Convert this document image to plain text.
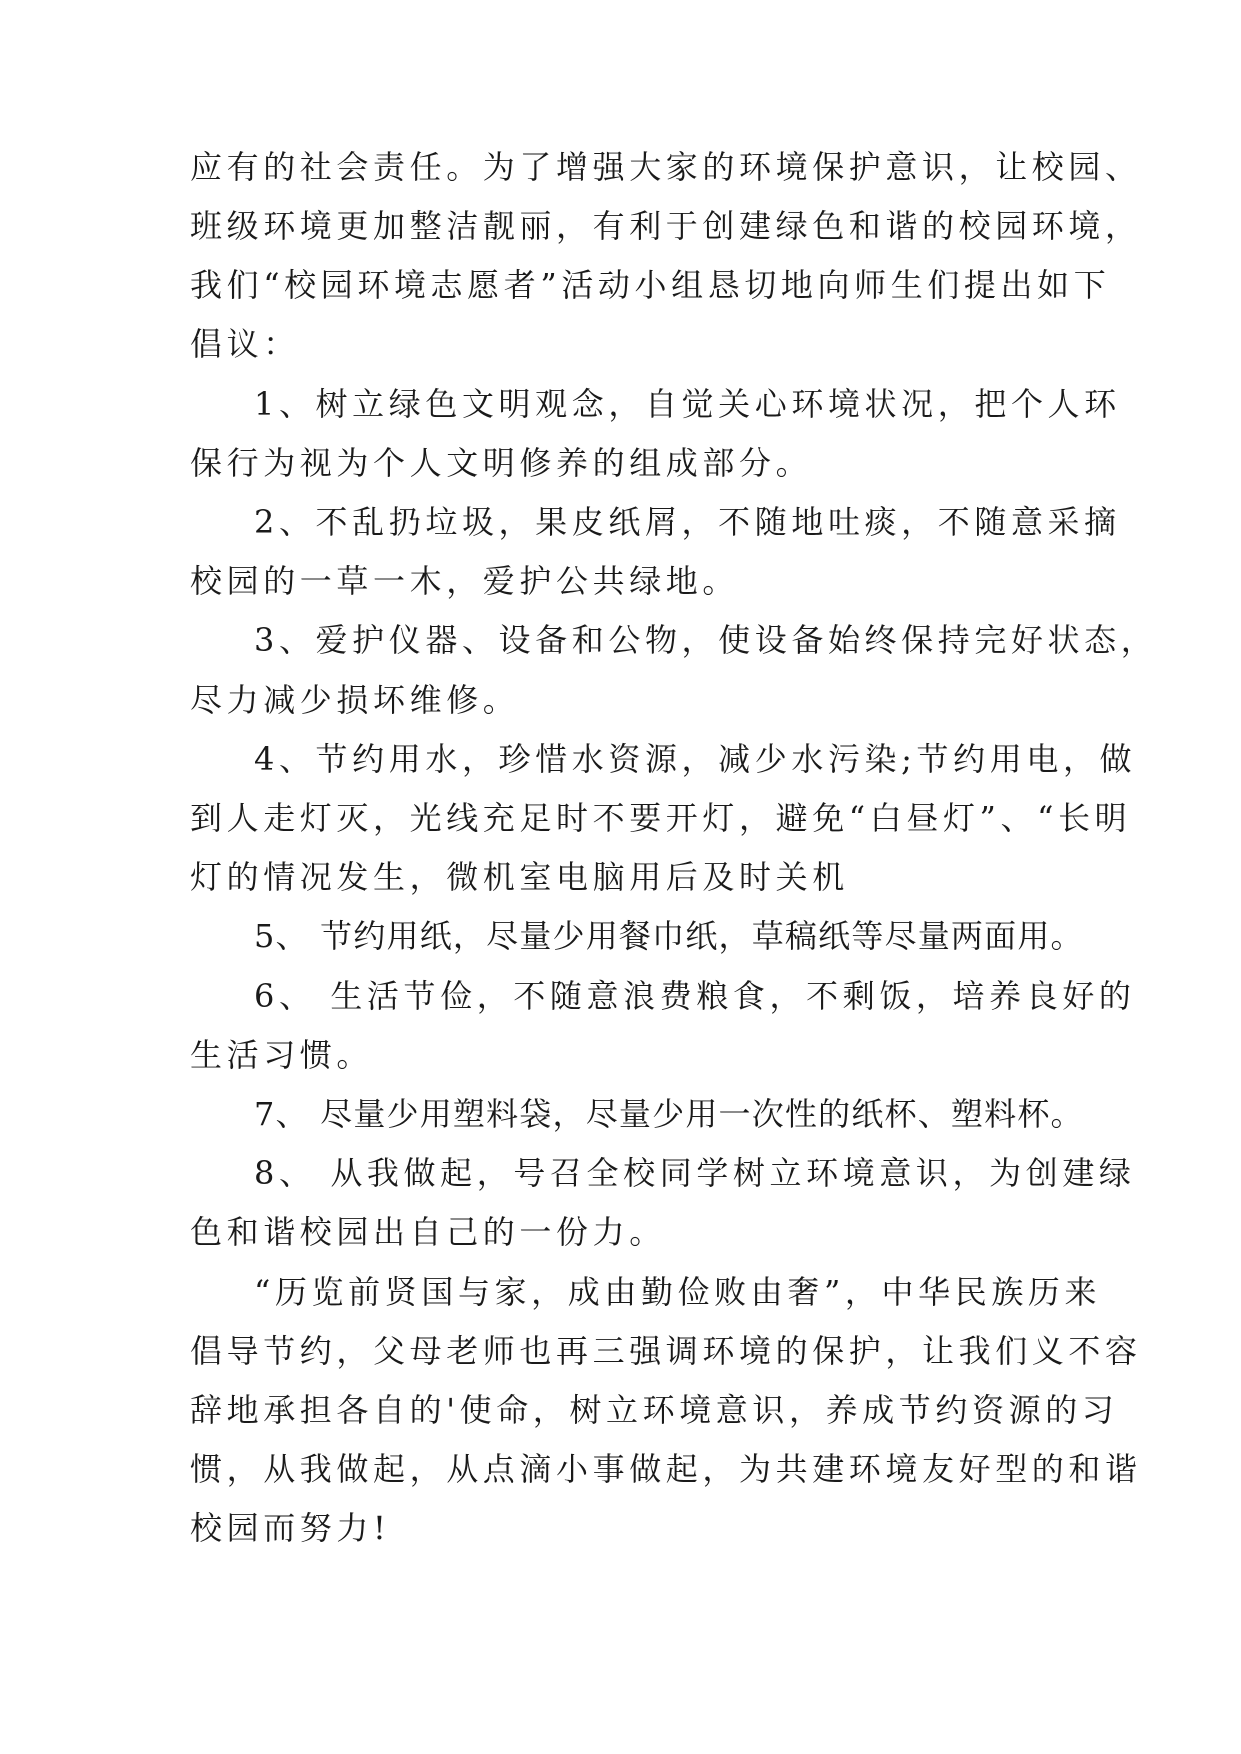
应有的社会责任。为了增强大家的环境保护意识，让校园、
班级环境更加整洁靓丽，有利于创建绿色和谐的校园环境，
我们“校园环境志愿者”活动小组恳切地向师生们提出如下
倡议：
1、树立绿色文明观念，自觉关心环境状况，把个人环
保行为视为个人文明修养的组成部分。
2、不乱扔垃圾，果皮纸屑，不随地吐痰，不随意采摘
校园的一草一木，爱护公共绿地。
3、爱护仪器、设备和公物，使设备始终保持完好状态，
尽力减少损坏维修。
4、节约用水，珍惜水资源，减少水污染;节约用电，做
到人走灯灭，光线充足时不要开灯，避免“白昼灯”、“长明
灯的情况发生，微机室电脑用后及时关机
5、 节约用纸，尽量少用餐巾纸，草稿纸等尽量两面用。
6、 生活节俭，不随意浪费粮食，不剩饭，培养良好的
生活习惯。
7、 尽量少用塑料袋，尽量少用一次性的纸杯、塑料杯。
8、 从我做起，号召全校同学树立环境意识，为创建绿
色和谐校园出自己的一份力。
“历览前贤国与家，成由勤俭败由奢”，中华民族历来
倡导节约，父母老师也再三强调环境的保护，让我们义不容
辞地承担各自的'使命，树立环境意识，养成节约资源的习
惯，从我做起，从点滴小事做起，为共建环境友好型的和谐
校园而努力!
